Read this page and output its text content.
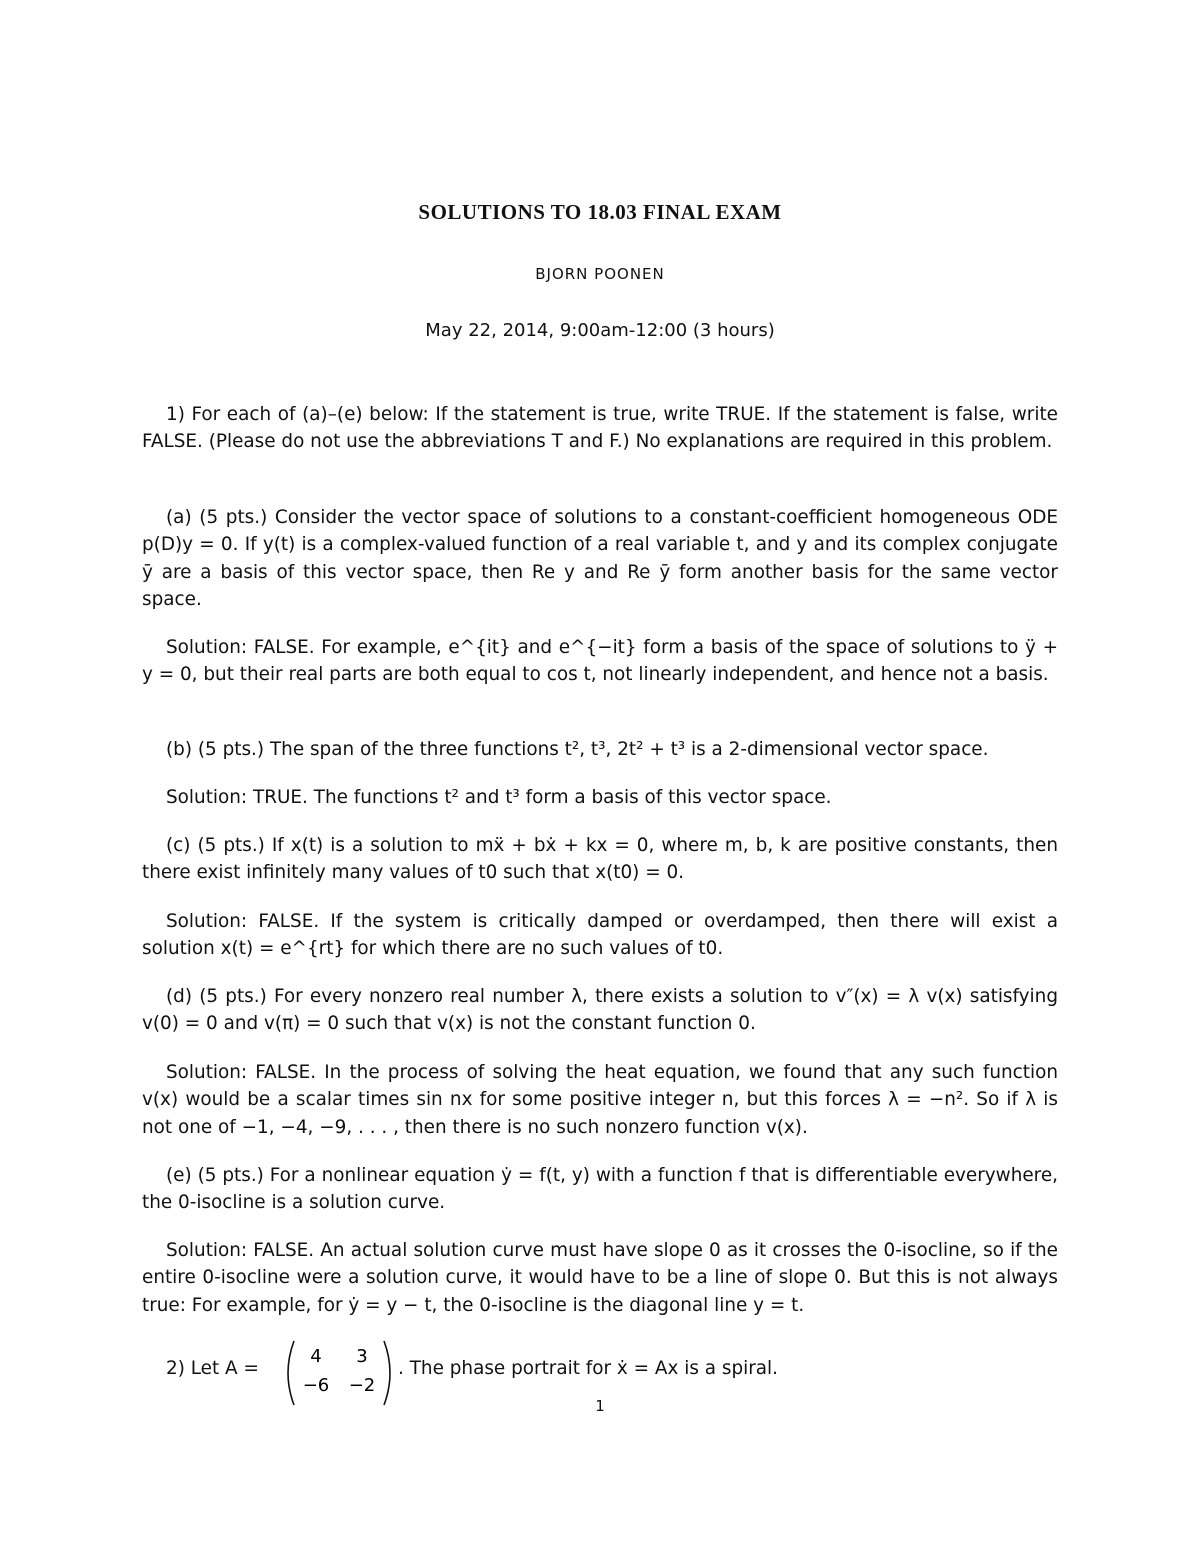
SOLUTIONS TO 18.03 FINAL EXAM
BJORN POONEN
May 22, 2014, 9:00am-12:00 (3 hours)
1) For each of (a)–(e) below: If the statement is true, write TRUE. If the statement is false, write FALSE. (Please do not use the abbreviations T and F.) No explanations are required in this problem.
(a) (5 pts.) Consider the vector space of solutions to a constant-coefficient homogeneous ODE p(D)y = 0. If y(t) is a complex-valued function of a real variable t, and y and its complex conjugate ȳ are a basis of this vector space, then Re y and Re ȳ form another basis for the same vector space.
Solution: FALSE. For example, e^{it} and e^{−it} form a basis of the space of solutions to ÿ + y = 0, but their real parts are both equal to cos t, not linearly independent, and hence not a basis.
(b) (5 pts.) The span of the three functions t², t³, 2t² + t³ is a 2-dimensional vector space.
Solution: TRUE. The functions t² and t³ form a basis of this vector space.
(c) (5 pts.) If x(t) is a solution to mẍ + bẋ + kx = 0, where m, b, k are positive constants, then there exist infinitely many values of t0 such that x(t0) = 0.
Solution: FALSE. If the system is critically damped or overdamped, then there will exist a solution x(t) = e^{rt} for which there are no such values of t0.
(d) (5 pts.) For every nonzero real number λ, there exists a solution to v″(x) = λ v(x) satisfying v(0) = 0 and v(π) = 0 such that v(x) is not the constant function 0.
Solution: FALSE. In the process of solving the heat equation, we found that any such function v(x) would be a scalar times sin nx for some positive integer n, but this forces λ = −n². So if λ is not one of −1, −4, −9, . . . , then there is no such nonzero function v(x).
(e) (5 pts.) For a nonlinear equation ẏ = f(t, y) with a function f that is differentiable everywhere, the 0-isocline is a solution curve.
Solution: FALSE. An actual solution curve must have slope 0 as it crosses the 0-isocline, so if the entire 0-isocline were a solution curve, it would have to be a line of slope 0. But this is not always true: For example, for ẏ = y − t, the 0-isocline is the diagonal line y = t.
2) Let A =
4 3
−6 −2
. The phase portrait for ẋ = Ax is a spiral.
1
